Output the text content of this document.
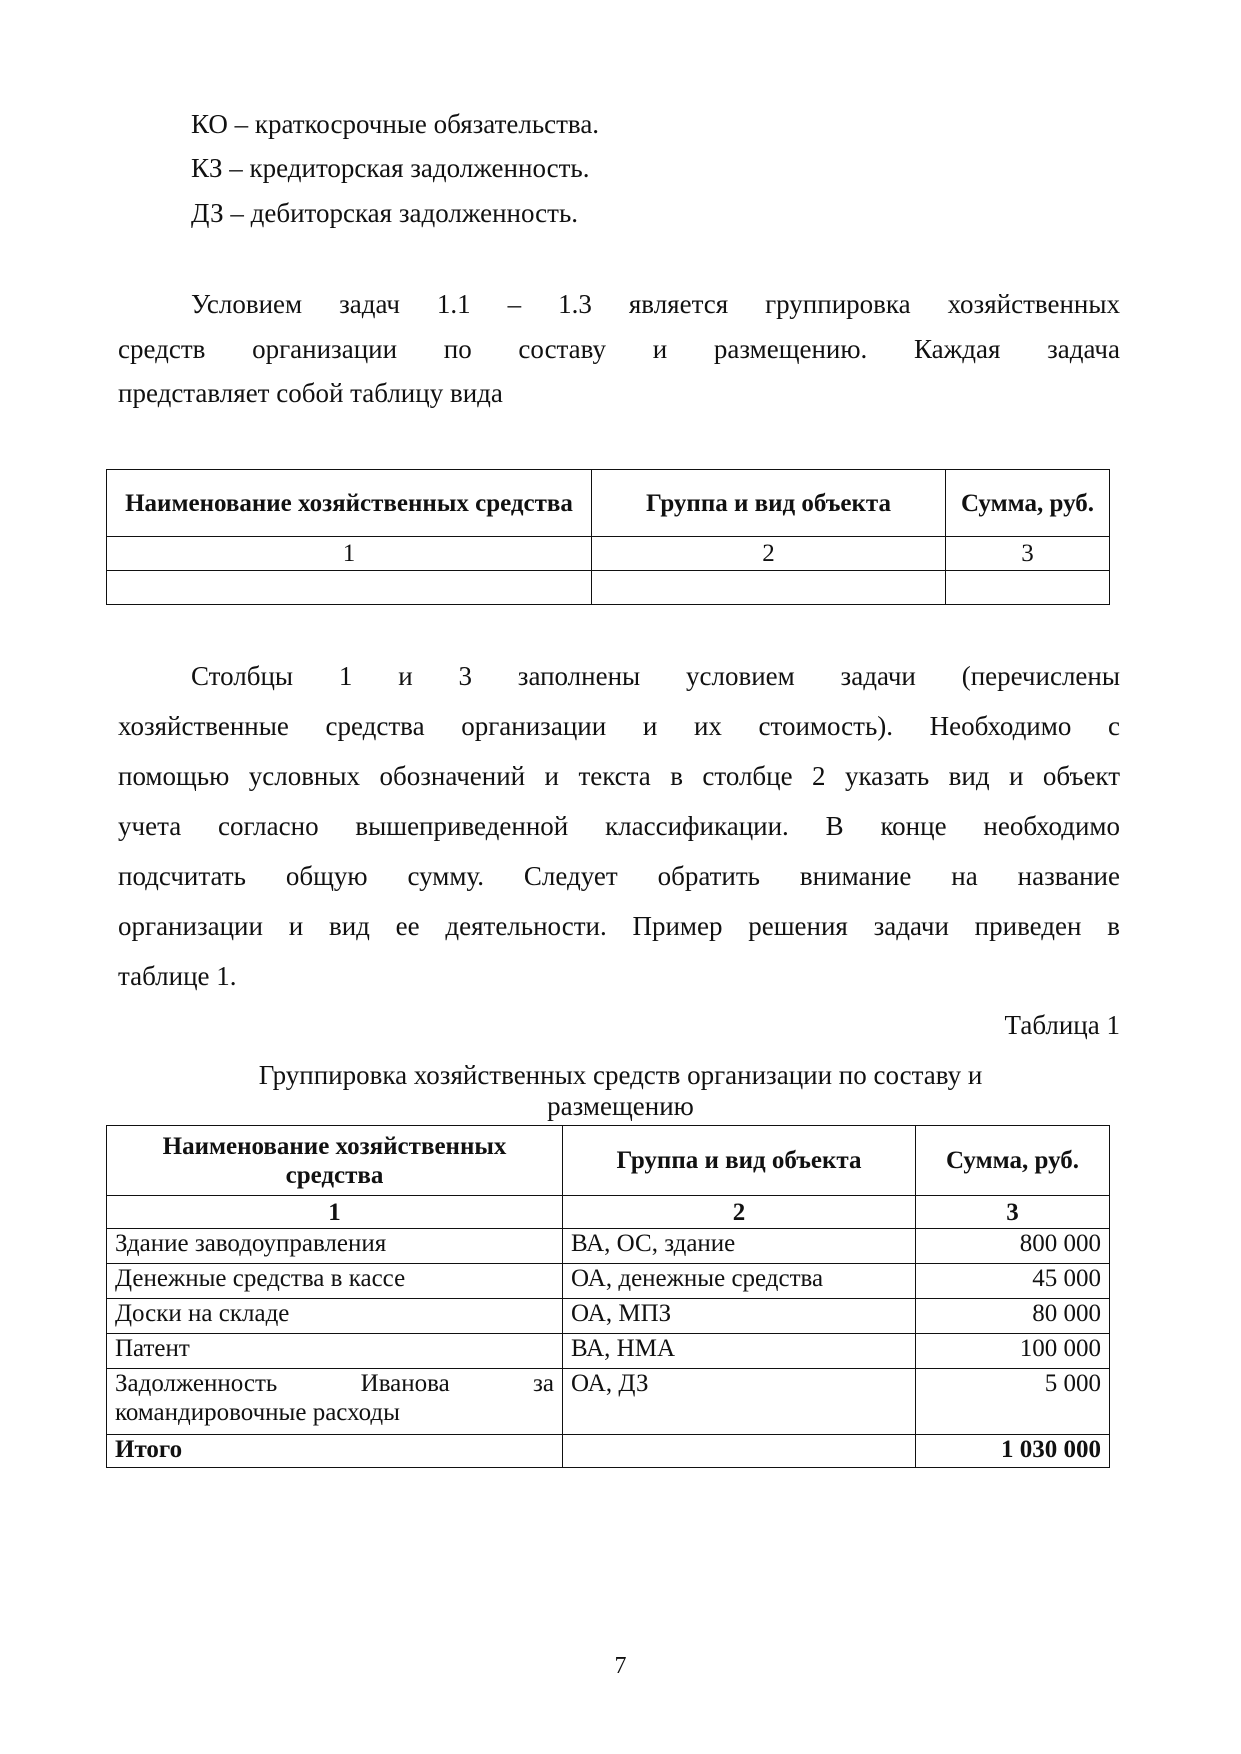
КО – краткосрочные обязательства.
КЗ – кредиторская задолженность.
ДЗ – дебиторская задолженность.
Условием задач 1.1 – 1.3 является группировка хозяйственных
средств организации по составу и размещению. Каждая задача
представляет собой таблицу вида
Наименование хозяйственных средства	Группа и вид объекта	Сумма, руб.
1	2	3

Столбцы 1 и 3 заполнены условием задачи (перечислены
хозяйственные средства организации и их стоимость). Необходимо с
помощью условных обозначений и текста в столбце 2 указать вид и объект
учета согласно вышеприведенной классификации. В конце необходимо
подсчитать общую сумму. Следует обратить внимание на название
организации и вид ее деятельности. Пример решения задачи приведен в
таблице 1.
Таблица 1
Группировка хозяйственных средств организации по составу и
размещению
Наименование хозяйственных средства	Группа и вид объекта	Сумма, руб.
1	2	3
Здание заводоуправления	ВА, ОС, здание	800 000
Денежные средства в кассе	ОА, денежные средства	45 000
Доски на складе	ОА, МПЗ	80 000
Патент	ВА, НМА	100 000

Задолженность Иванова за
командировочные расходы	ОА, ДЗ	5 000
Итого		1 030 000
7
